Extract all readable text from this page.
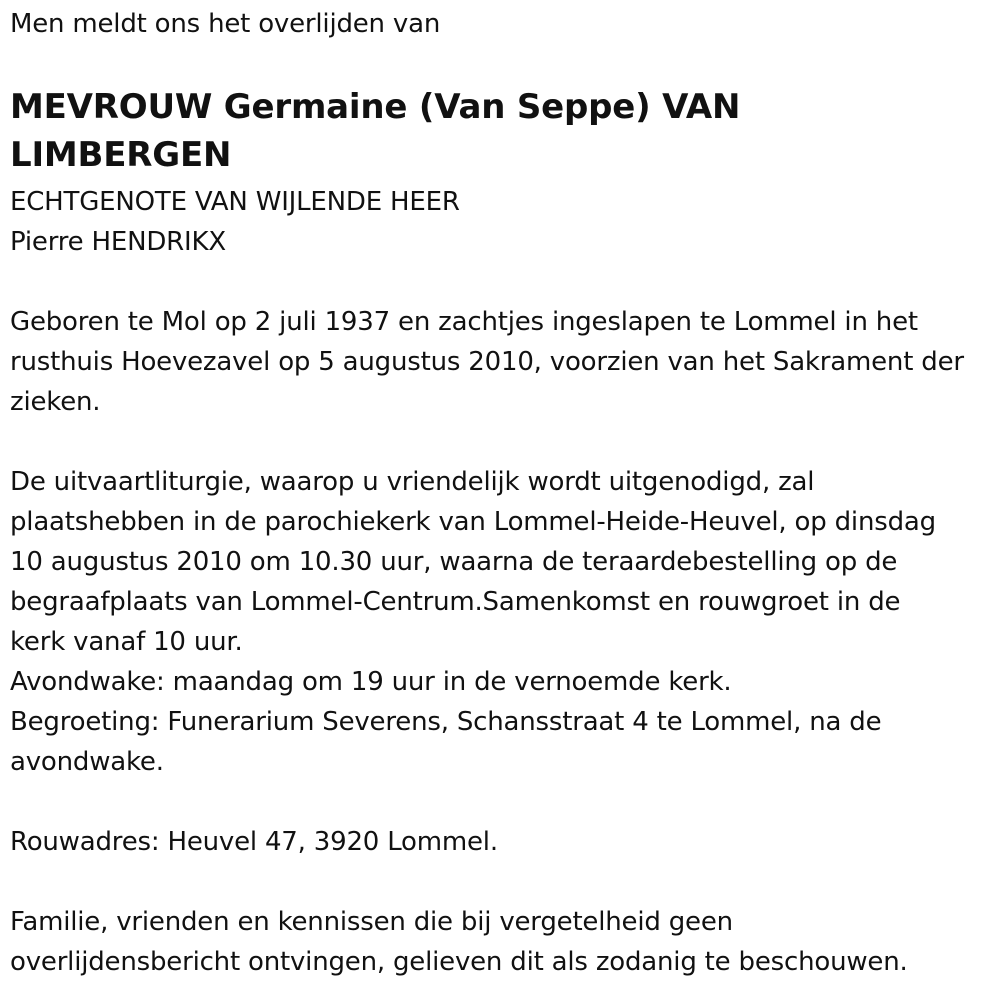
Men meldt ons het overlijden van
MEVROUW Germaine (Van Seppe) VAN
LIMBERGEN
ECHTGENOTE VAN WIJLENDE HEER
Pierre HENDRIKX
Geboren te Mol op 2 juli 1937 en zachtjes ingeslapen te Lommel in het
rusthuis Hoevezavel op 5 augustus 2010, voorzien van het Sakrament der
zieken.
De uitvaartliturgie, waarop u vriendelijk wordt uitgenodigd, zal
plaatshebben in de parochiekerk van Lommel-Heide-Heuvel, op dinsdag
10 augustus 2010 om 10.30 uur, waarna de teraardebestelling op de
begraafplaats van Lommel-Centrum.Samenkomst en rouwgroet in de
kerk vanaf 10 uur.
Avondwake: maandag om 19 uur in de vernoemde kerk.
Begroeting: Funerarium Severens, Schansstraat 4 te Lommel, na de
avondwake.
Rouwadres: Heuvel 47, 3920 Lommel.
Familie, vrienden en kennissen die bij vergetelheid geen
overlijdensbericht ontvingen, gelieven dit als zodanig te beschouwen.
